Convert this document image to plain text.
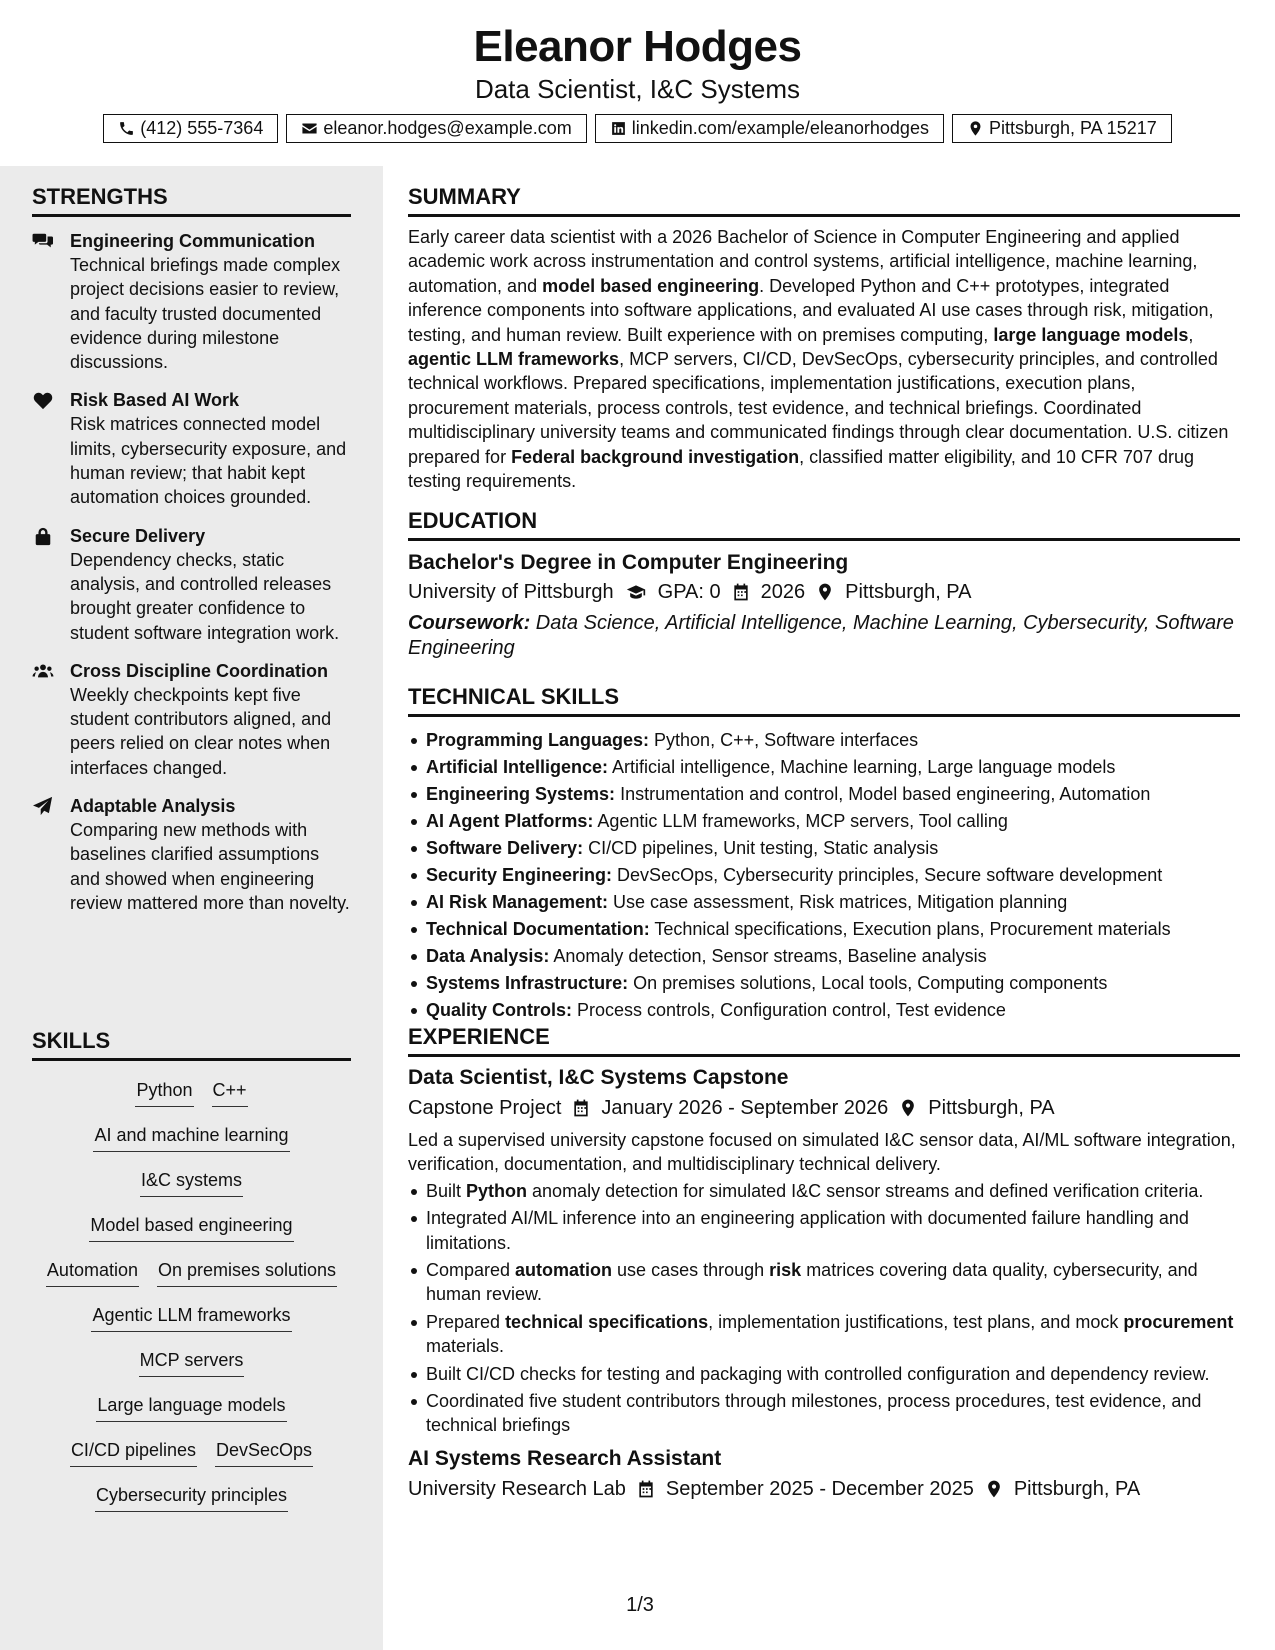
Eleanor Hodges
Data Scientist, I&C Systems
(412) 555-7364	eleanor.hodges@example.com	linkedin.com/example/eleanorhodges	Pittsburgh, PA 15217
STRENGTHS
Engineering Communication
Technical briefings made complex project decisions easier to review, and faculty trusted documented evidence during milestone discussions.
Risk Based AI Work
Risk matrices connected model limits, cybersecurity exposure, and human review; that habit kept automation choices grounded.
Secure Delivery
Dependency checks, static analysis, and controlled releases brought greater confidence to student software integration work.
Cross Discipline Coordination
Weekly checkpoints kept five student contributors aligned, and peers relied on clear notes when interfaces changed.
Adaptable Analysis
Comparing new methods with baselines clarified assumptions and showed when engineering review mattered more than novelty.
SKILLS
Python C++
AI and machine learning
I&C systems
Model based engineering
Automation On premises solutions
Agentic LLM frameworks
MCP servers
Large language models
CI/CD pipelines DevSecOps
Cybersecurity principles
SUMMARY

Early career data scientist with a 2026 Bachelor of Science in Computer Engineering and applied academic work across instrumentation and control systems, artificial intelligence, machine learning, automation, and model based engineering. Developed Python and C++ prototypes, integrated inference components into software applications, and evaluated AI use cases through risk, mitigation, testing, and human review. Built experience with on premises computing, large language models, agentic LLM frameworks, MCP servers, CI/CD, DevSecOps, cybersecurity principles, and controlled technical workflows. Prepared specifications, implementation justifications, execution plans, procurement materials, process controls, test evidence, and technical briefings. Coordinated multidisciplinary university teams and communicated findings through clear documentation. U.S. citizen prepared for Federal background investigation, classified matter eligibility, and 10 CFR 707 drug testing requirements.

EDUCATION
Bachelor's Degree in Computer Engineering
University of Pittsburgh GPA: 0 2026 Pittsburgh, PA
Coursework: Data Science, Artificial Intelligence, Machine Learning, Cybersecurity, Software Engineering
TECHNICAL SKILLS
Programming Languages: Python, C++, Software interfaces
Artificial Intelligence: Artificial intelligence, Machine learning, Large language models
Engineering Systems: Instrumentation and control, Model based engineering, Automation
AI Agent Platforms: Agentic LLM frameworks, MCP servers, Tool calling
Software Delivery: CI/CD pipelines, Unit testing, Static analysis
Security Engineering: DevSecOps, Cybersecurity principles, Secure software development
AI Risk Management: Use case assessment, Risk matrices, Mitigation planning
Technical Documentation: Technical specifications, Execution plans, Procurement materials
Data Analysis: Anomaly detection, Sensor streams, Baseline analysis
Systems Infrastructure: On premises solutions, Local tools, Computing components
Quality Controls: Process controls, Configuration control, Test evidence
EXPERIENCE
Data Scientist, I&C Systems Capstone
Capstone Project January 2026 - September 2026 Pittsburgh, PA

Led a supervised university capstone focused on simulated I&C sensor data, AI/ML software integration, verification, documentation, and multidisciplinary technical delivery.

Built Python anomaly detection for simulated I&C sensor streams and defined verification criteria.
Integrated AI/ML inference into an engineering application with documented failure handling and limitations.
Compared automation use cases through risk matrices covering data quality, cybersecurity, and human review.
Prepared technical specifications, implementation justifications, test plans, and mock procurement materials.
Built CI/CD checks for testing and packaging with controlled configuration and dependency review.
Coordinated five student contributors through milestones, process procedures, test evidence, and technical briefings
AI Systems Research Assistant
University Research Lab September 2025 - December 2025 Pittsburgh, PA
1/3
